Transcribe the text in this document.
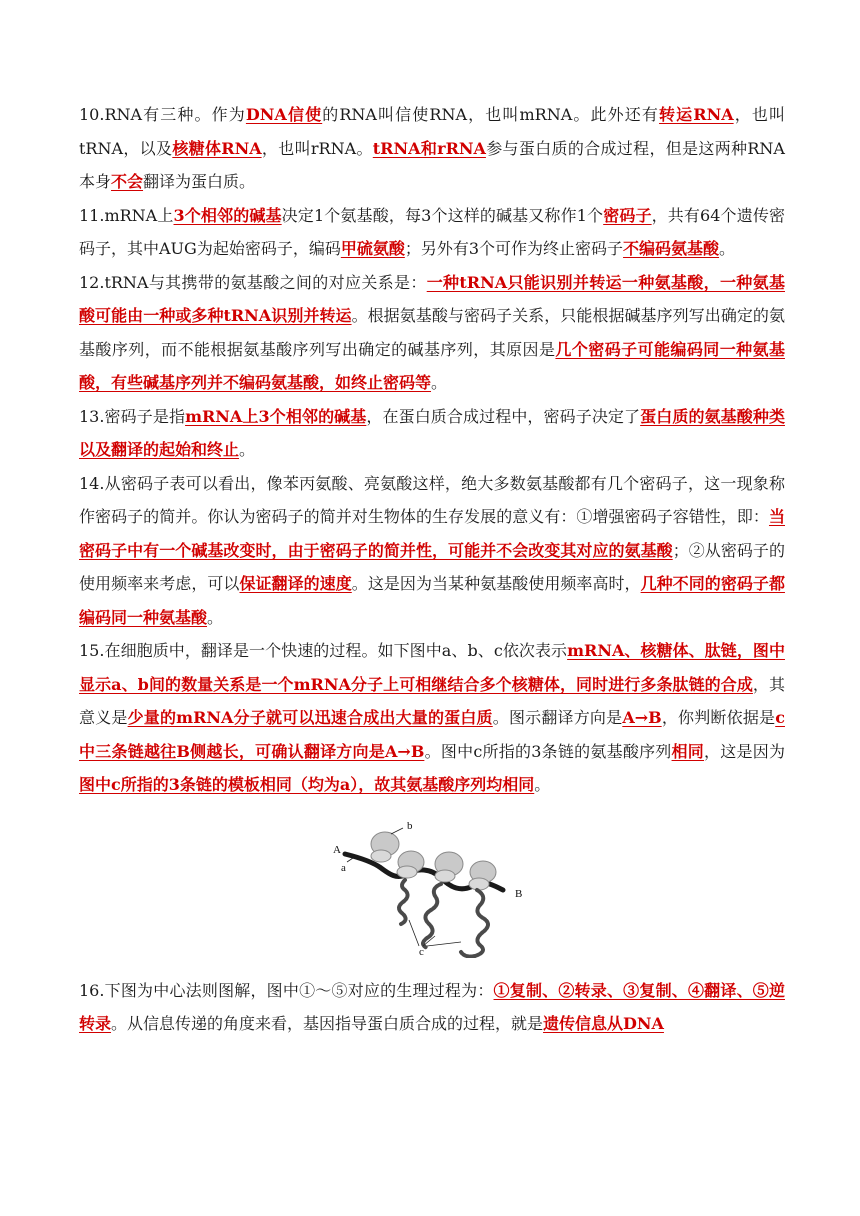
10.RNA有三种。作为DNA信使的RNA叫信使RNA，也叫mRNA。此外还有转运RNA，也叫tRNA，以及核糖体RNA，也叫rRNA。tRNA和rRNA参与蛋白质的合成过程，但是这两种RNA本身不会翻译为蛋白质。

11.mRNA上3个相邻的碱基决定1个氨基酸，每3个这样的碱基又称作1个密码子，共有64个遗传密码子，其中AUG为起始密码子，编码甲硫氨酸；另外有3个可作为终止密码子不编码氨基酸。

12.tRNA与其携带的氨基酸之间的对应关系是：一种tRNA只能识别并转运一种氨基酸，一种氨基酸可能由一种或多种tRNA识别并转运。根据氨基酸与密码子关系，只能根据碱基序列写出确定的氨基酸序列，而不能根据氨基酸序列写出确定的碱基序列，其原因是几个密码子可能编码同一种氨基酸，有些碱基序列并不编码氨基酸，如终止密码等。

13.密码子是指mRNA上3个相邻的碱基，在蛋白质合成过程中，密码子决定了蛋白质的氨基酸种类以及翻译的起始和终止。

14.从密码子表可以看出，像苯丙氨酸、亮氨酸这样，绝大多数氨基酸都有几个密码子，这一现象称作密码子的简并。你认为密码子的简并对生物体的生存发展的意义有：①增强密码子容错性，即：当密码子中有一个碱基改变时，由于密码子的简并性，可能并不会改变其对应的氨基酸；②从密码子的使用频率来考虑，可以保证翻译的速度。这是因为当某种氨基酸使用频率高时，几种不同的密码子都编码同一种氨基酸。

15.在细胞质中，翻译是一个快速的过程。如下图中a、b、c依次表示mRNA、核糖体、肽链，图中显示a、b间的数量关系是一个mRNA分子上可相继结合多个核糖体，同时进行多条肽链的合成，其意义是少量的mRNA分子就可以迅速合成出大量的蛋白质。图示翻译方向是A→B，你判断依据是c中三条链越往B侧越长，可确认翻译方向是A→B。图中c所指的3条链的氨基酸序列相同，这是因为图中c所指的3条链的模板相同（均为a），故其氨基酸序列均相同。

A
a
b
B
c

16.下图为中心法则图解，图中①～⑤对应的生理过程为：①复制、②转录、③复制、④翻译、⑤逆转录。从信息传递的角度来看，基因指导蛋白质合成的过程，就是遗传信息从DNA
